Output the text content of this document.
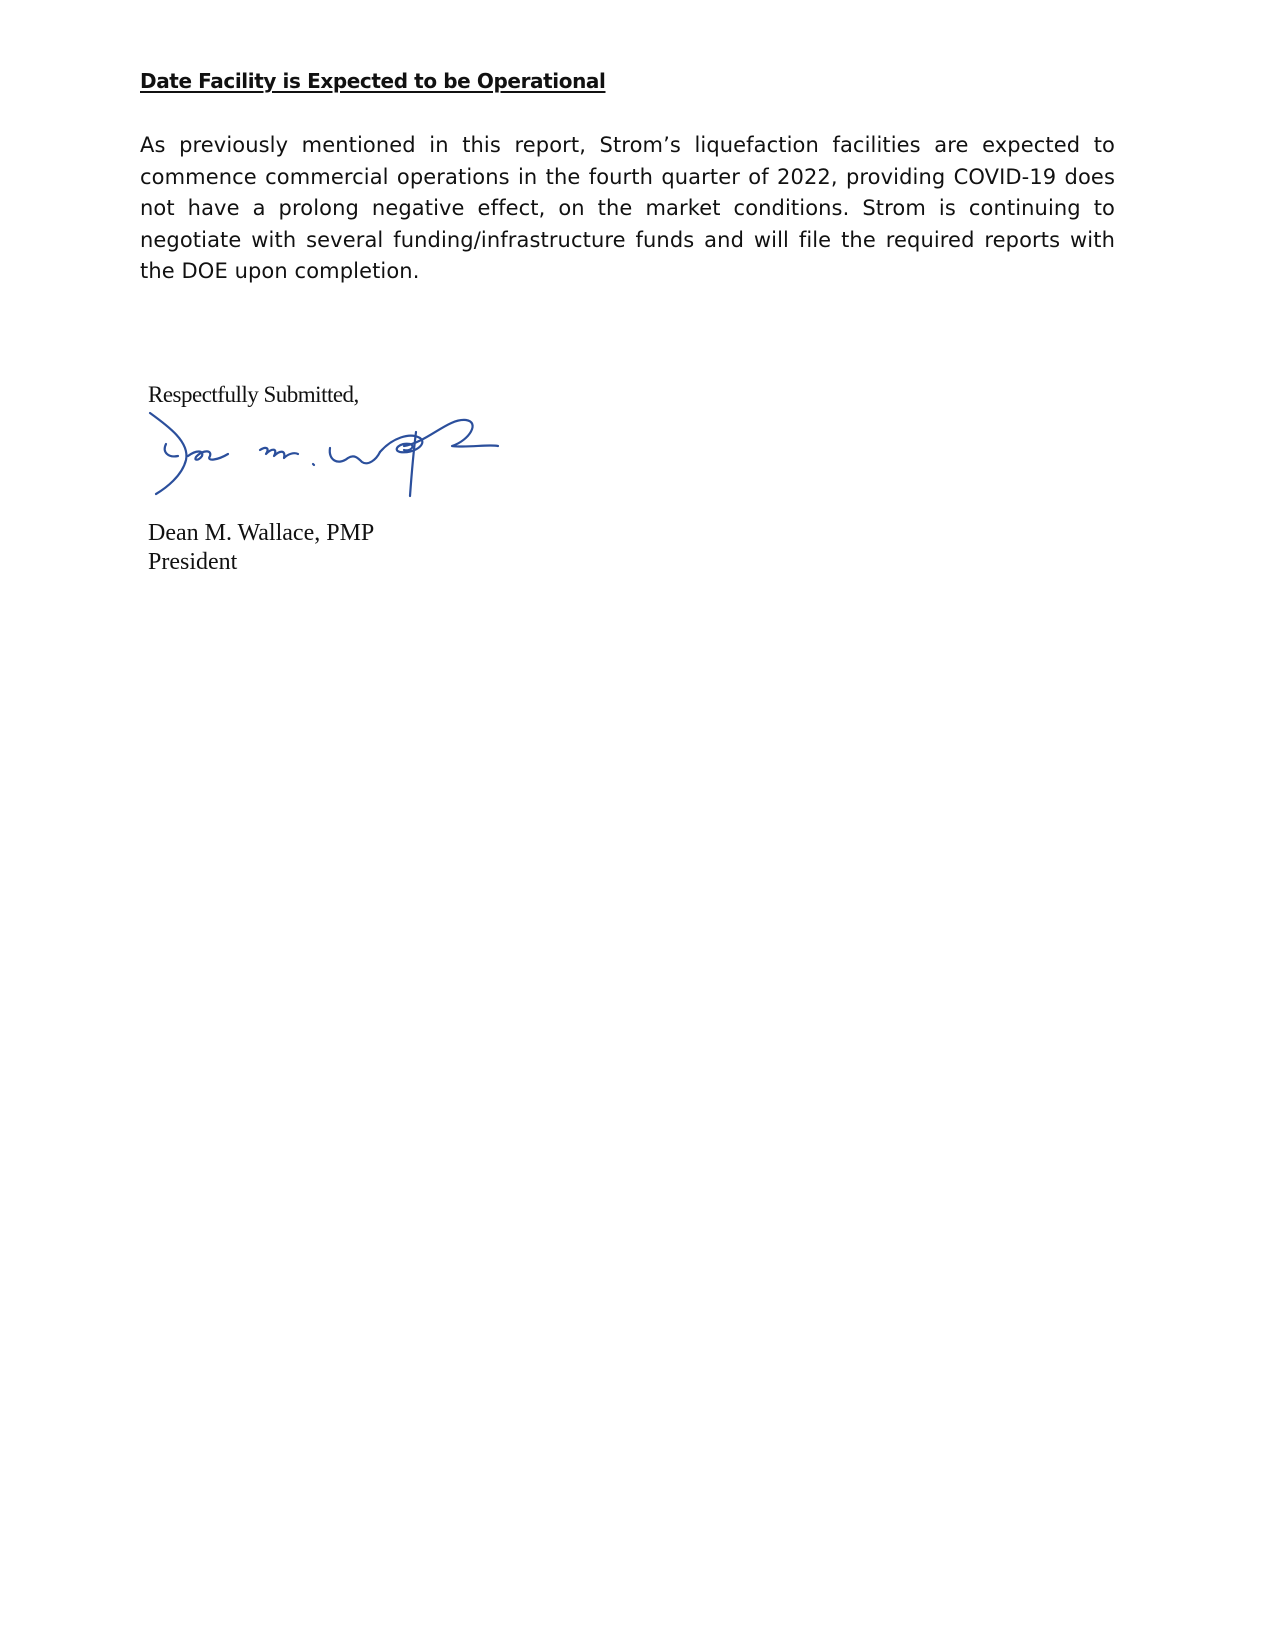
Date Facility is Expected to be Operational

As previously mentioned in this report, Strom’s liquefaction facilities are expected to commence commercial operations in the fourth quarter of 2022, providing COVID-19 does not have a prolong negative effect, on the market conditions. Strom is continuing to negotiate with several funding/infrastructure funds and will file the required reports with the DOE upon completion.

Respectfully Submitted,
Dean M. Wallace, PMP
President
